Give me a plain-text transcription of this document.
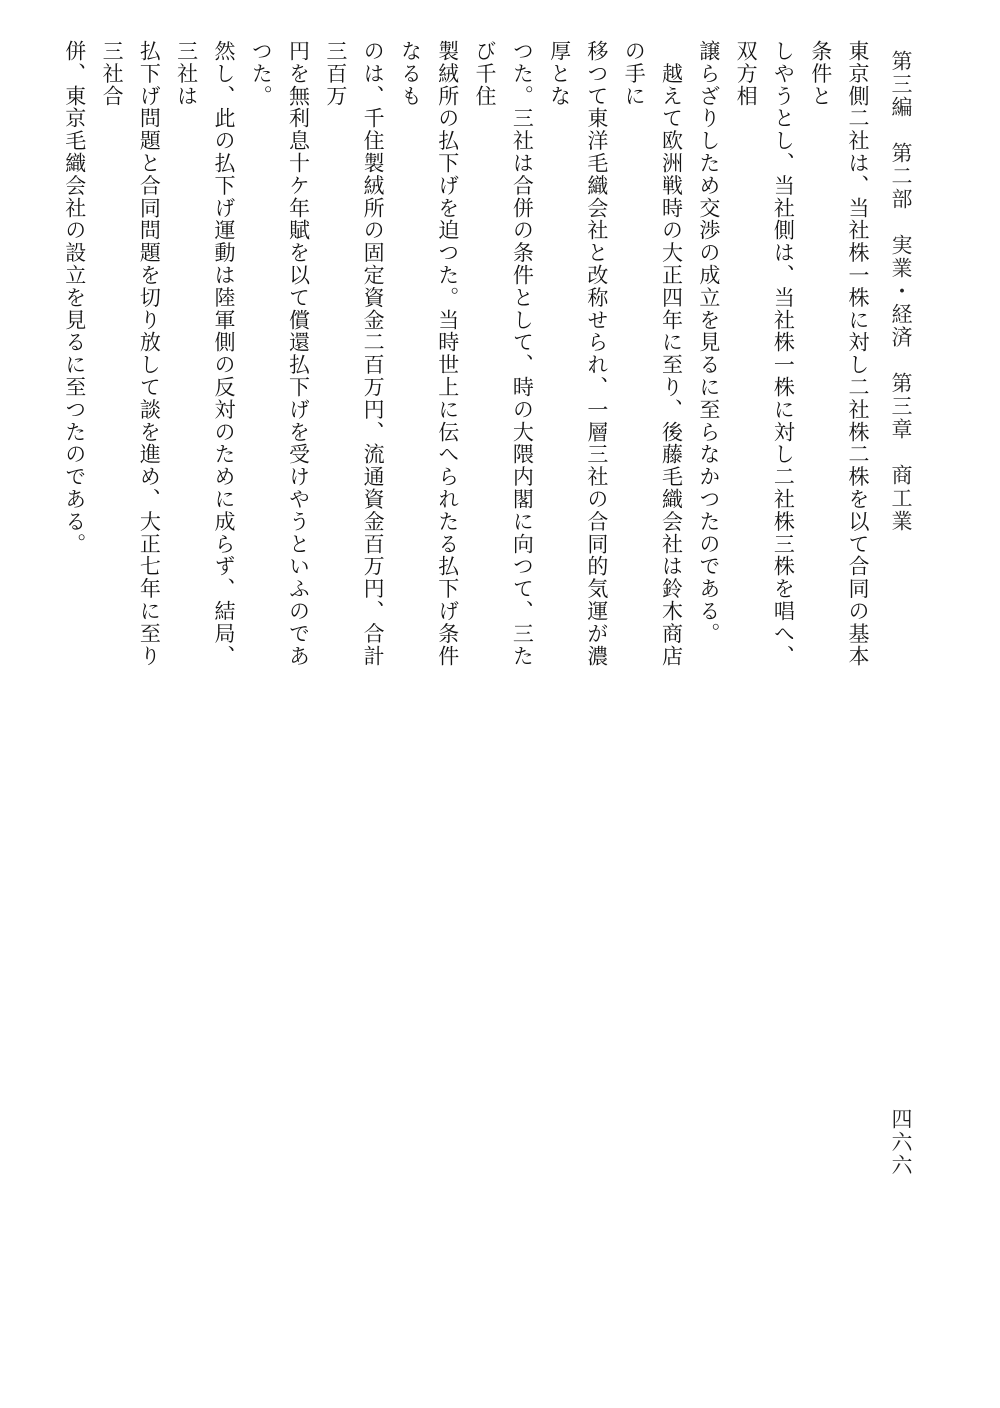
第三編　第二部　実業・経済　第三章　商工業

東京側二社は、当社株一株に対し二社株二株を以て合同の基本条件と
しやうとし、当社側は、当社株一株に対し二社株三株を唱へ、双方相
譲らざりしため交渉の成立を見るに至らなかつたのである。

　越えて欧洲戦時の大正四年に至り、後藤毛織会社は鈴木商店の手に
移つて東洋毛織会社と改称せられ、一層三社の合同的気運が濃厚とな
つた。三社は合併の条件として、時の大隈内閣に向つて、三たび千住
製絨所の払下げを迫つた。当時世上に伝へられたる払下げ条件なるも
のは、千住製絨所の固定資金二百万円、流通資金百万円、合計三百万
円を無利息十ケ年賦を以て償還払下げを受けやうといふのであつた。
然し、此の払下げ運動は陸軍側の反対のために成らず、結局、三社は
払下げ問題と合同問題を切り放して談を進め、大正七年に至り三社合
併、東京毛織会社の設立を見るに至つたのである。

四六六
